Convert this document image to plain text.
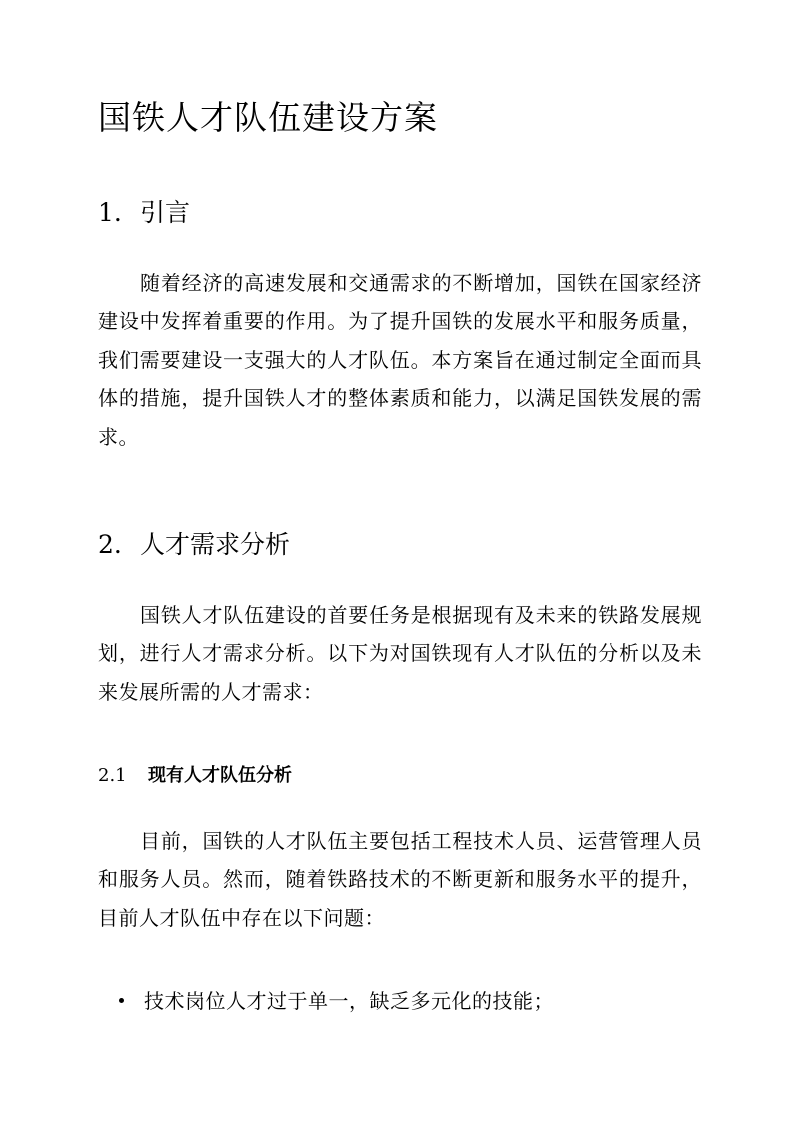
国铁人才队伍建设方案
1. 引言

随着经济的高速发展和交通需求的不断增加，国铁在国家经济建设中发挥着重要的作用。为了提升国铁的发展水平和服务质量，我们需要建设一支强大的人才队伍。本方案旨在通过制定全面而具体的措施，提升国铁人才的整体素质和能力，以满足国铁发展的需求。

2. 人才需求分析

国铁人才队伍建设的首要任务是根据现有及未来的铁路发展规划，进行人才需求分析。以下为对国铁现有人才队伍的分析以及未来发展所需的人才需求：

2.1 现有人才队伍分析

目前，国铁的人才队伍主要包括工程技术人员、运营管理人员和服务人员。然而，随着铁路技术的不断更新和服务水平的提升，目前人才队伍中存在以下问题：

技术岗位人才过于单一，缺乏多元化的技能；
